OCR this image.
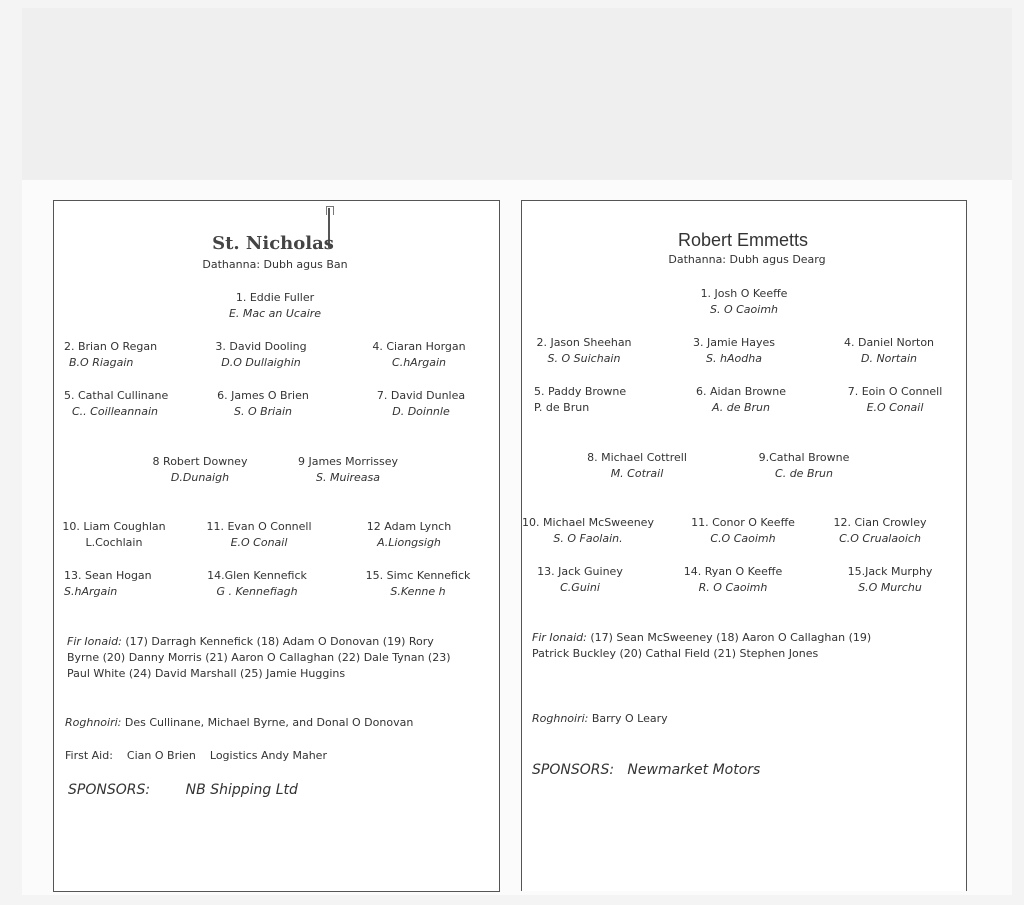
St. Nicholas
Dathanna: Dubh agus Ban
1. Eddie Fuller
E. Mac an Ucaire
2. Brian O Regan
B.O Riagain
3. David Dooling
D.O Dullaighin
4. Ciaran Horgan
C.hArgain
5. Cathal Cullinane
C.. Coilleannain
6. James O Brien
S. O Briain
7. David Dunlea
D. Doinnle
8 Robert Downey
D.Dunaigh
9 James Morrissey
S. Muireasa
10. Liam Coughlan
L.Cochlain
11. Evan O Connell
E.O Conail
12 Adam Lynch
A.Liongsigh
13. Sean Hogan
S.hArgain
14.Glen Kennefick
G . Kennefiagh
15. Simc Kennefick
S.Kenne h
Fir Ionaid: (17) Darragh Kennefick (18) Adam O Donovan (19) Rory Byrne (20) Danny Morris (21) Aaron O Callaghan (22) Dale Tynan (23) Paul White (24) David Marshall (25) Jamie Huggins
Roghnoiri: Des Cullinane, Michael Byrne, and Donal O Donovan
First Aid: Cian O Brien Logistics Andy Maher
SPONSORS:	NB Shipping Ltd
Robert Emmetts
Dathanna: Dubh agus Dearg
1. Josh O Keeffe
S. O Caoimh
2. Jason Sheehan
S. O Suichain
3. Jamie Hayes
S. hAodha
4. Daniel Norton
D. Nortain
5. Paddy Browne
P. de Brun
6. Aidan Browne
A. de Brun
7. Eoin O Connell
E.O Conail
8. Michael Cottrell
M. Cotrail
9.Cathal Browne
C. de Brun
10. Michael McSweeney
S. O Faolain.
11. Conor O Keeffe
C.O Caoimh
12. Cian Crowley
C.O Crualaoich
13. Jack Guiney
C.Guini
14. Ryan O Keeffe
R. O Caoimh
15.Jack Murphy
S.O Murchu
Fir Ionaid: (17) Sean McSweeney (18) Aaron O Callaghan (19) Patrick Buckley (20) Cathal Field (21) Stephen Jones
Roghnoiri: Barry O Leary
SPONSORS: Newmarket Motors
